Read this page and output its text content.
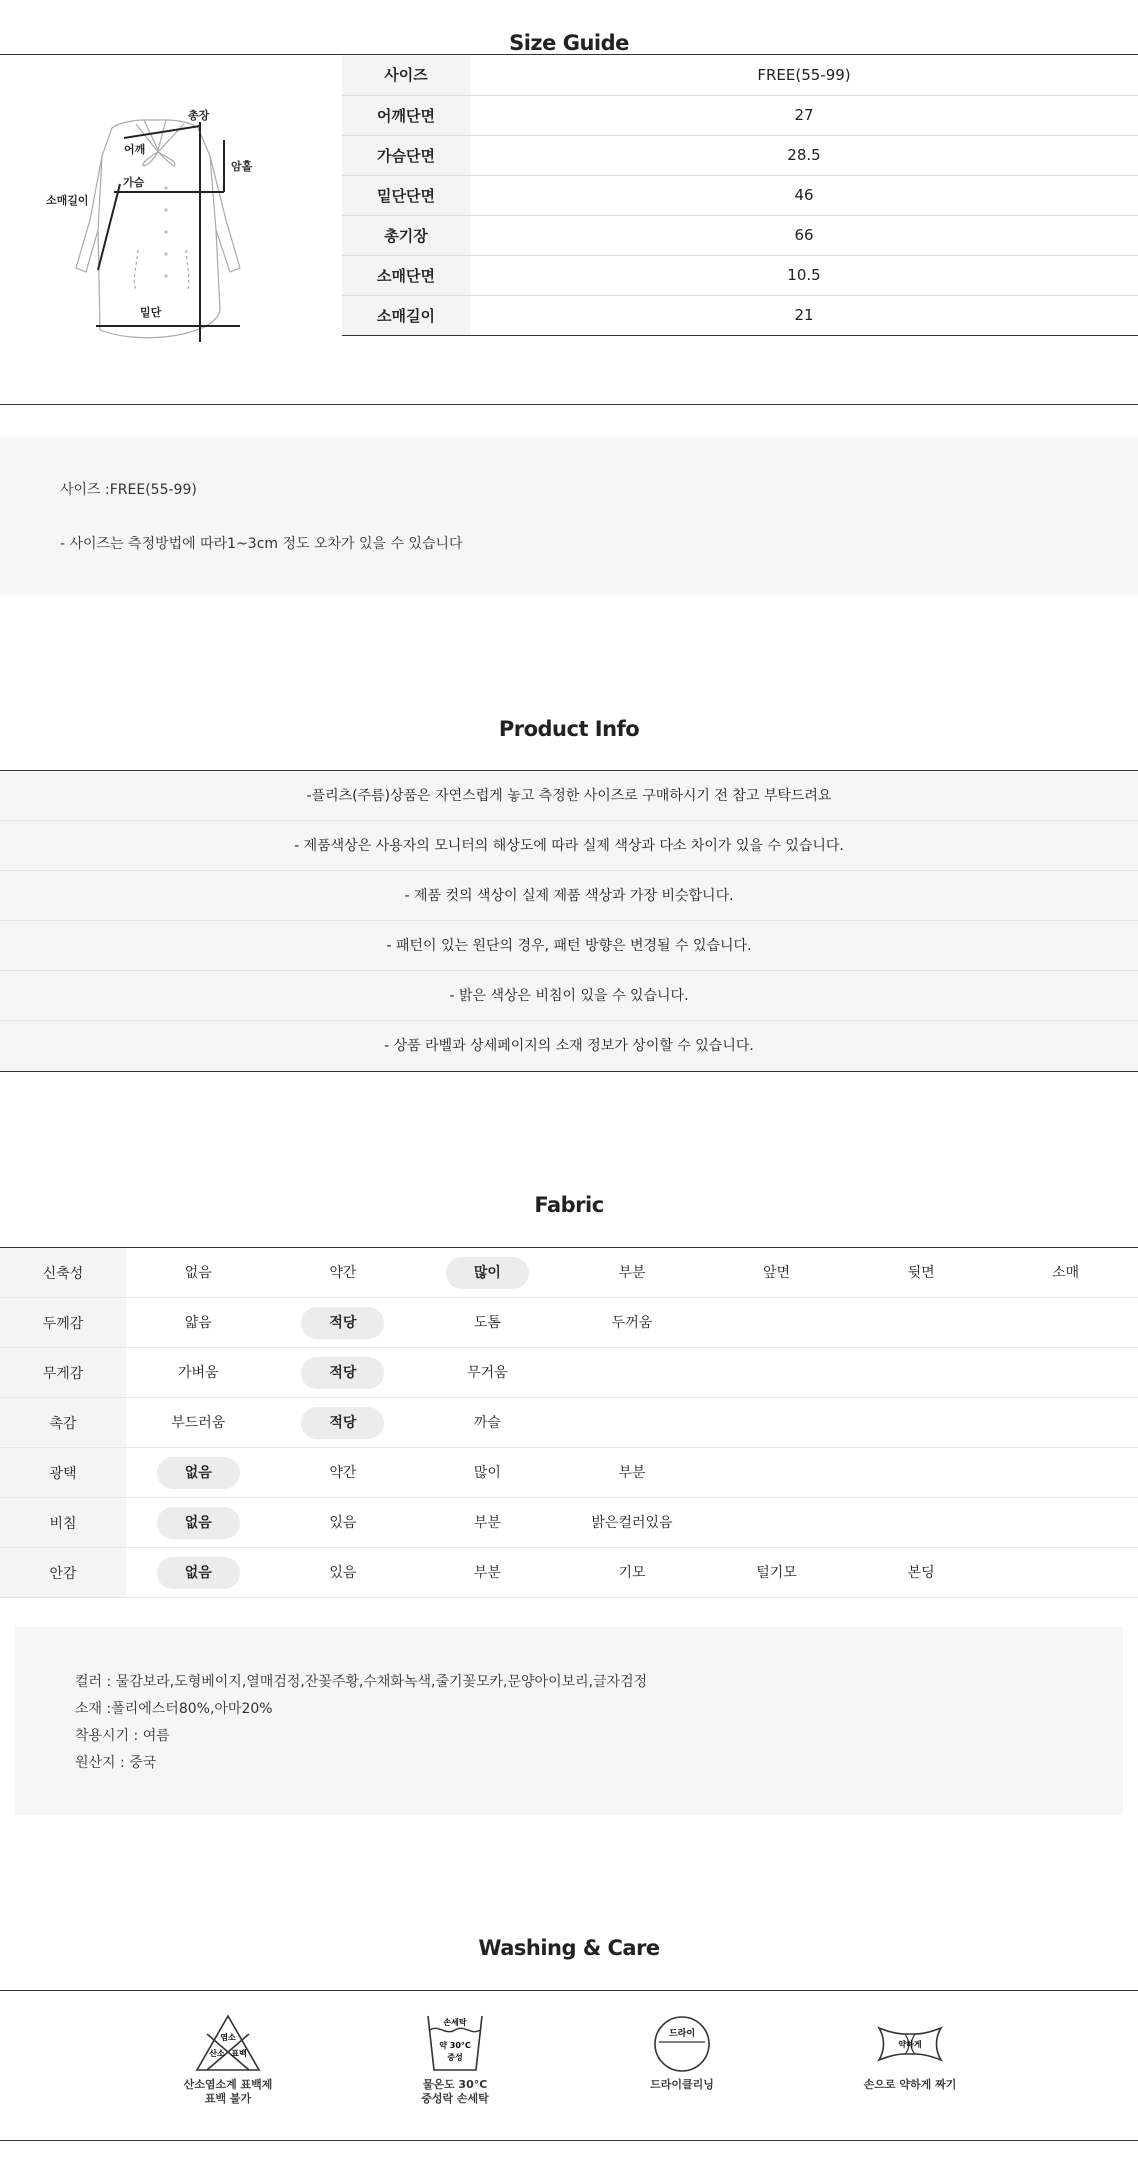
Size Guide
총장
어깨
가슴
암홀
소매길이
밑단
사이즈	FREE(55-99)
어깨단면	27
가슴단면	28.5
밑단단면	46
총기장	66
소매단면	10.5
소매길이	21

사이즈 :FREE(55-99)

- 사이즈는 측정방법에 따라1~3cm 정도 오차가 있을 수 있습니다

Product Info
-플리츠(주름)상품은 자연스럽게 놓고 측정한 사이즈로 구매하시기 전 참고 부탁드려요
- 제품색상은 사용자의 모니터의 해상도에 따라 실제 색상과 다소 차이가 있을 수 있습니다.
- 제품 컷의 색상이 실제 제품 색상과 가장 비슷합니다.
- 패턴이 있는 원단의 경우, 패턴 방향은 변경될 수 있습니다.
- 밝은 색상은 비침이 있을 수 있습니다.
- 상품 라벨과 상세페이지의 소재 정보가 상이할 수 있습니다.
Fabric
신축성	없음	약간	많이	부분	앞면	뒷면	소매
두께감	얇음	적당	도톰	두꺼움			
무게감	가벼움	적당	무거움				
촉감	부드러움	적당	까슬				
광택	없음	약간	많이	부분			
비침	없음	있음	부분	밝은컬러있음			
안감	없음	있음	부분	기모	털기모	본딩	

컬러 : 물감보라,도형베이지,열매검정,잔꽃주황,수채화녹색,줄기꽃모카,문양아이보리,글자검정

소재 :폴리에스터80%,아마20%

착용시기 : 여름

원산지 : 중국

Washing & Care
염소
산소 표백
산소염소계 표백제
표백 불가
손세탁
약 30°C
중성
물온도 30°C
중성락 손세탁
드라이
드라이클리닝
약하게
손으로 약하게 짜기
